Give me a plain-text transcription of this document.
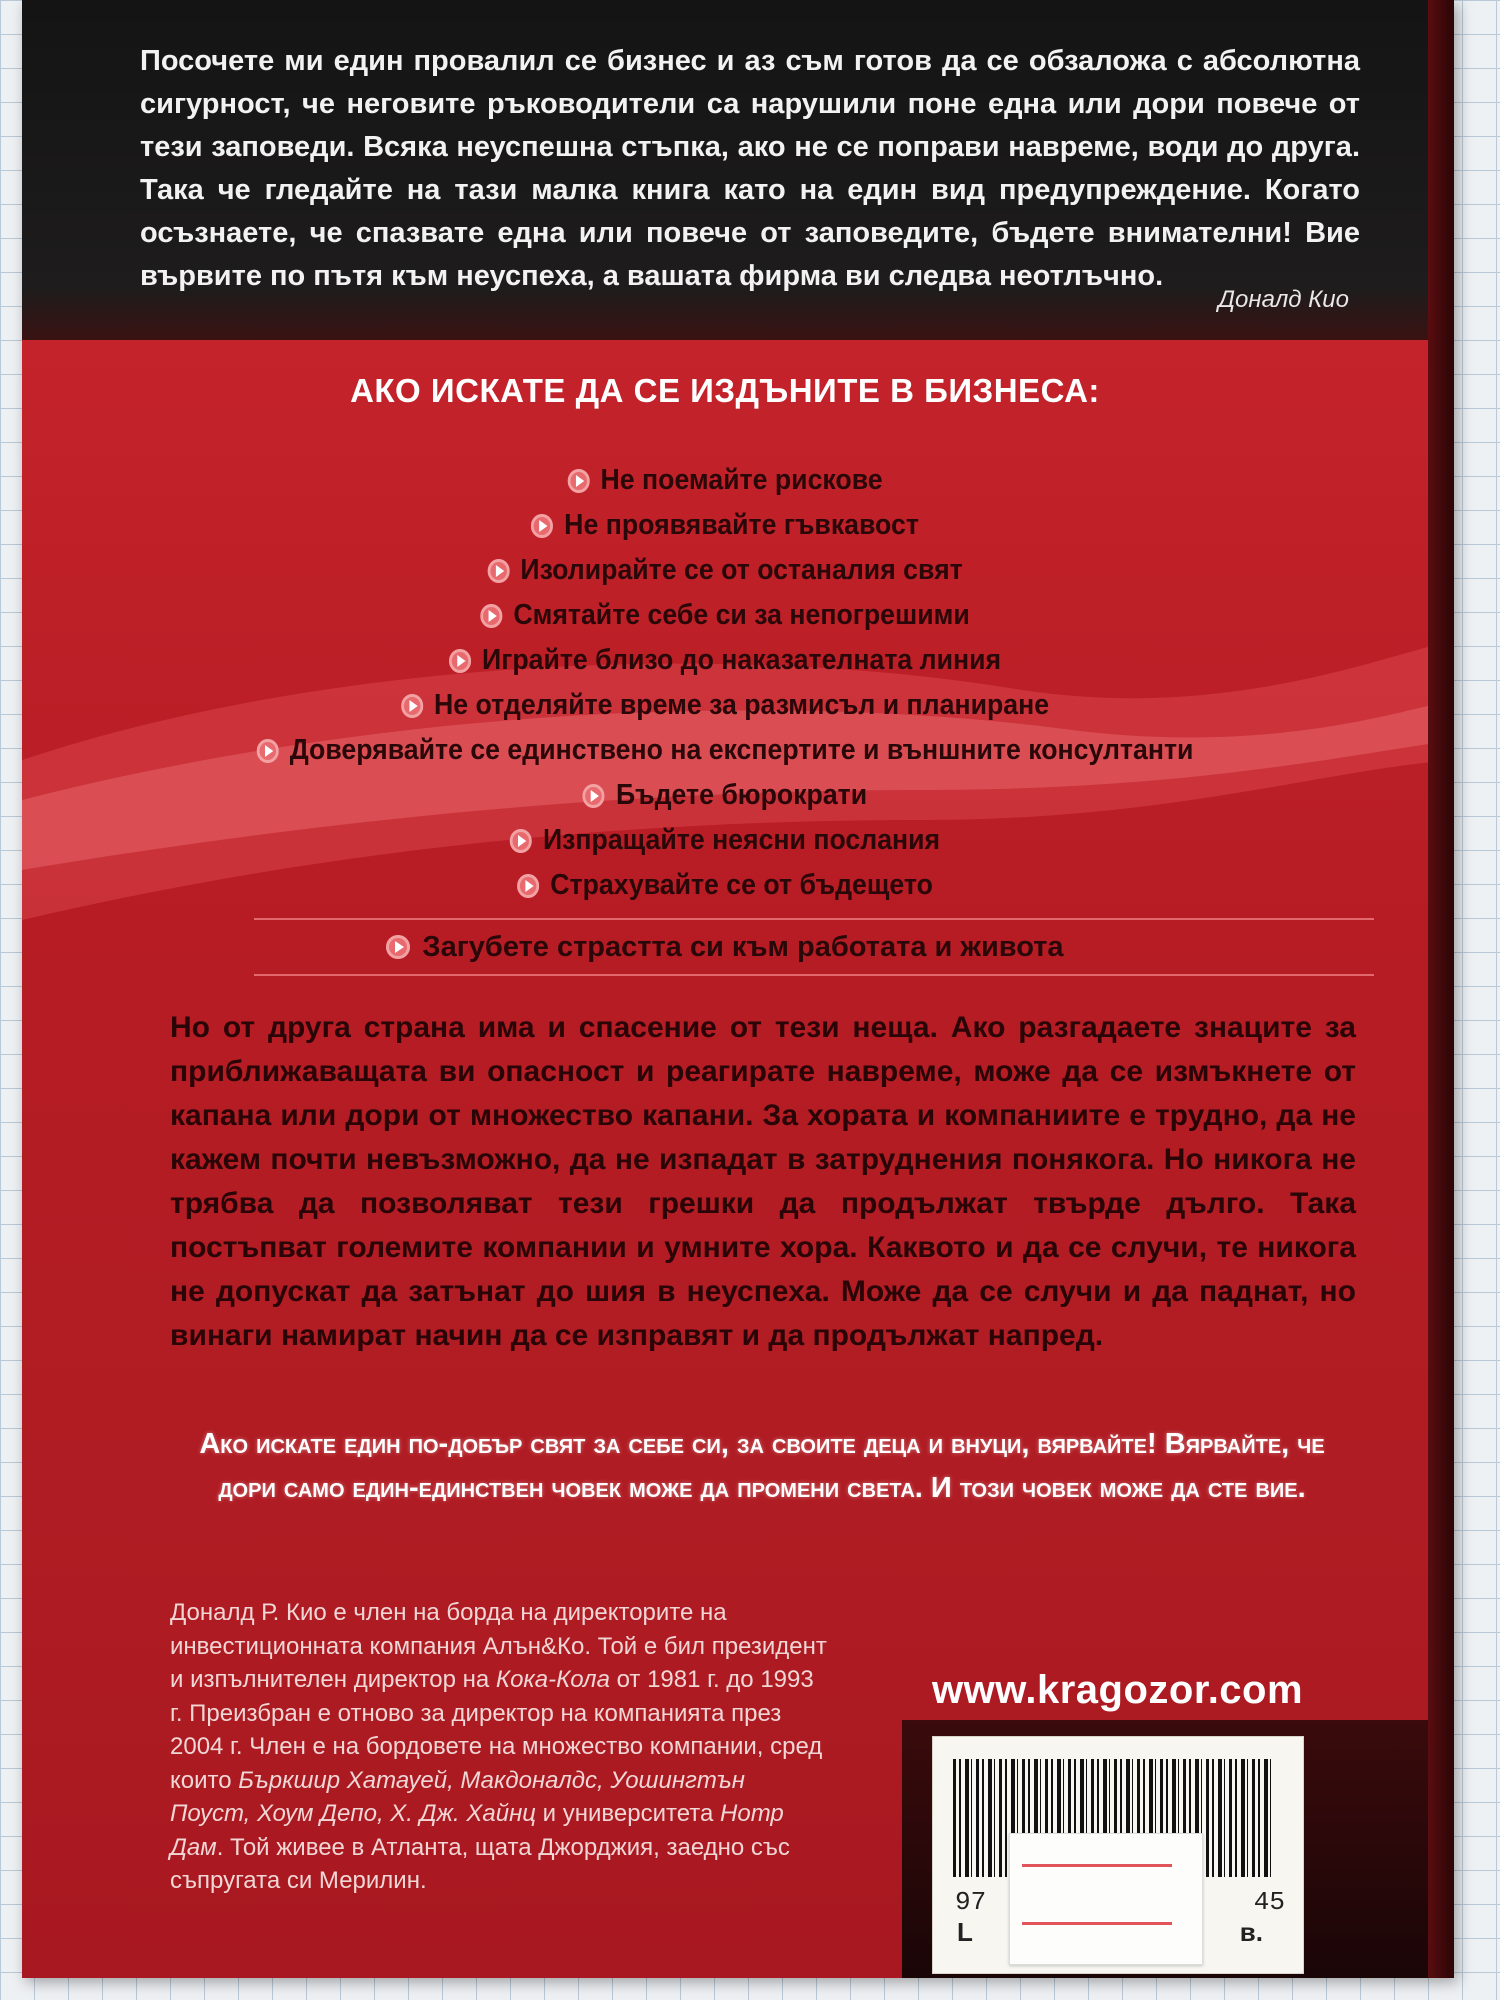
Посочете ми един провалил се бизнес и аз съм готов да се обзаложа с абсолютна сигурност, че неговите ръководители са нарушили поне една или дори повече от тези заповеди. Всяка неуспешна стъпка, ако не се поправи навреме, води до друга. Така че гледайте на тази малка книга като на един вид предупреждение. Когато осъзнаете, че спазвате една или повече от заповедите, бъдете внимателни! Вие вървите по пътя към неуспеха, а вашата фирма ви следва неотлъчно.

Доналд Кио

АКО ИСКАТЕ ДА СЕ ИЗДЪНИТЕ В БИЗНЕСА:

Не поемайте рискове
Не проявявайте гъвкавост
Изолирайте се от останалия свят
Смятайте себе си за непогрешими
Играйте близо до наказателната линия
Не отделяйте време за размисъл и планиране
Доверявайте се единствено на експертите и външните консултанти
Бъдете бюрократи
Изпращайте неясни послания
Страхувайте се от бъдещето
Загубете страстта си към работата и живота

Но от друга страна има и спасение от тези неща. Ако разгадаете знаците за приближаващата ви опасност и реагирате навреме, може да се измъкнете от капана или дори от множество капани. За хората и компаниите е трудно, да не кажем почти невъзможно, да не изпадат в затруднения понякога. Но никога не трябва да позволяват тези грешки да продължат твърде дълго. Така постъпват големите компании и умните хора. Каквото и да се случи, те никога не допускат да затънат до шия в неуспеха. Може да се случи и да паднат, но винаги намират начин да се изправят и да продължат напред.

Ако искате един по-добър свят за себе си, за своите деца и внуци, вярвайте! Вярвайте, че дори само един-единствен човек може да промени света. И този човек може да сте вие.

Доналд Р. Кио е член на борда на директорите на инвестиционната компания Алън&Ко. Той е бил президент и изпълнителен директор на Кока-Кола от 1981 г. до 1993 г. Преизбран е отново за директор на компанията през 2004 г. Член е на бордовете на множество компании, сред които Бъркшир Хатауей, Макдоналдс, Уошингтън Поуст, Хоум Депо, Х. Дж. Хайнц и университета Нотр Дам. Той живее в Атланта, щата Джорджия, заедно със съпругата си Мерилин.

www.kragozor.com

97	45
L	в.
